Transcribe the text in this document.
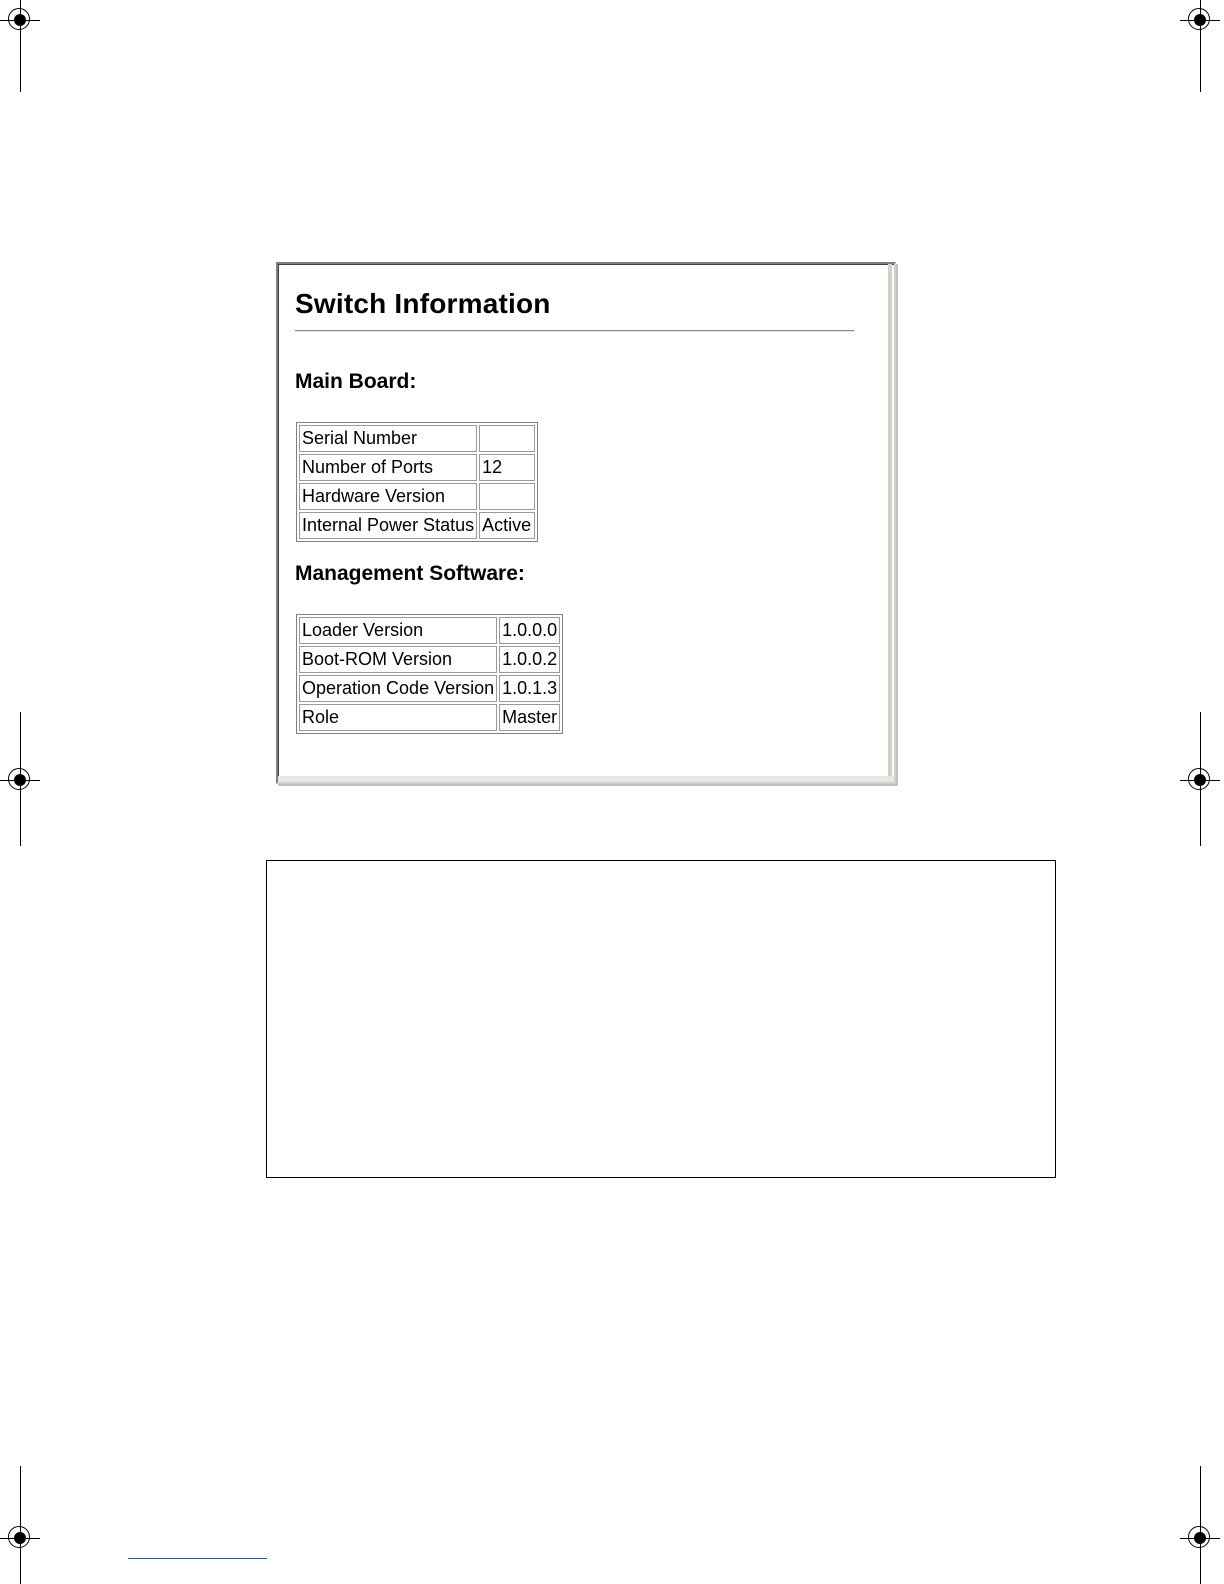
Switch Information
Main Board:
Serial Number	
Number of Ports	12
Hardware Version	
Internal Power Status	Active
Management Software:
Loader Version	1.0.0.0
Boot-ROM Version	1.0.0.2
Operation Code Version	1.0.1.3
Role	Master
